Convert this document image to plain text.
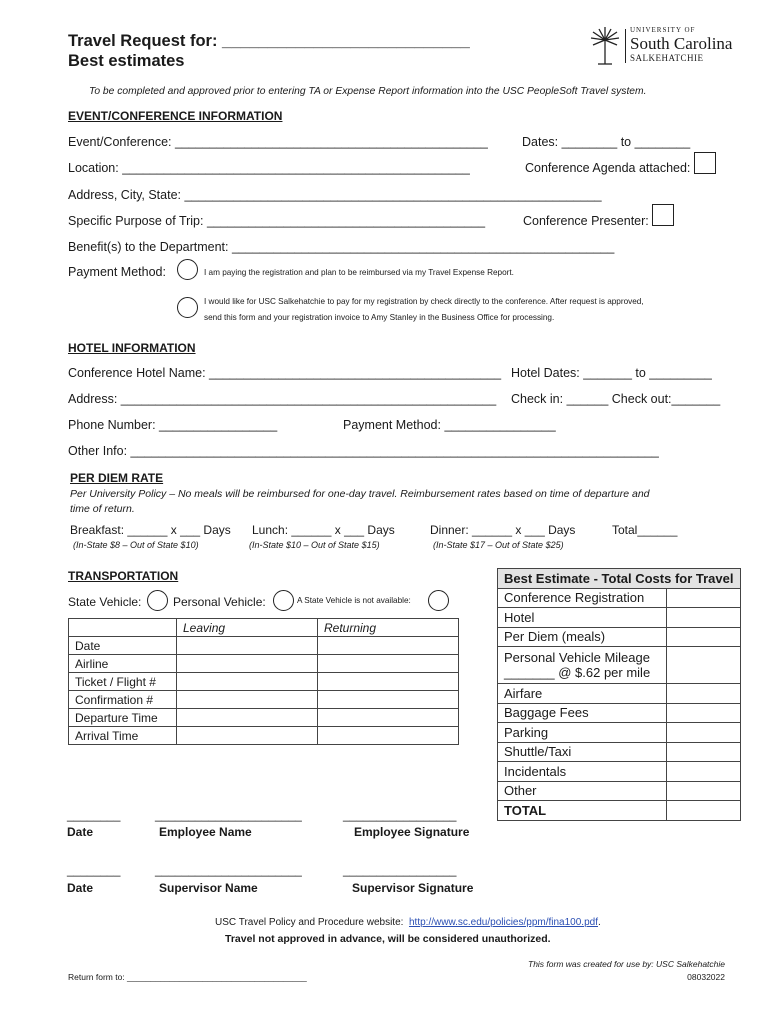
Travel Request for: ___________________________
Best estimates
UNIVERSITY OF
South Carolina
SALKEHATCHIE
To be completed and approved prior to entering TA or Expense Report information into the USC PeopleSoft Travel system.
EVENT/CONFERENCE INFORMATION
Event/Conference: _____________________________________________	Dates: ________ to ________
Location: __________________________________________________	Conference Agenda attached:
Address, City, State: ____________________________________________________________
Specific Purpose of Trip: ________________________________________	Conference Presenter:
Benefit(s) to the Department: _______________________________________________________
Payment Method:	I am paying the registration and plan to be reimbursed via my Travel Expense Report.
I would like for USC Salkehatchie to pay for my registration by check directly to the conference. After request is approved,
send this form and your registration invoice to Amy Stanley in the Business Office for processing.
HOTEL INFORMATION
Conference Hotel Name: __________________________________________ Hotel Dates: _______ to _________
Address: ______________________________________________________ Check in: ______ Check out:_______
Phone Number: _________________	Payment Method: ________________
Other Info: ____________________________________________________________________________
PER DIEM RATE
Per University Policy – No meals will be reimbursed for one-day travel. Reimbursement rates based on time of departure and
time of return.
Breakfast: ______ x ___ Days Lunch: ______ x ___ Days	Dinner: ______ x ___ Days	Total______
(In-State $8 – Out of State $10)	(In-State $10 – Out of State $15)	(In-State $17 – Out of State $25)
TRANSPORTATION
State Vehicle:	Personal Vehicle:	A State Vehicle is not available:
	Leaving	Returning
Date		
Airline		
Ticket / Flight #		
Confirmation #		
Departure Time		
Arrival Time		
Best Estimate - Total Costs for Travel	
Conference Registration	
Hotel	
Per Diem (meals)	

Personal Vehicle Mileage
_______ @ $.62 per mile	

Airfare	
Baggage Fees	
Parking	
Shuttle/Taxi	
Incidentals	
Other	
TOTAL	
________	______________________	_________________
Date	Employee Name	Employee Signature
________	______________________	_________________
Date	Supervisor Name	Supervisor Signature
USC Travel Policy and Procedure website: http://www.sc.edu/policies/ppm/fina100.pdf.
Travel not approved in advance, will be considered unauthorized.
This form was created for use by: USC Salkehatchie
08032022
Return form to: ______________________________________
